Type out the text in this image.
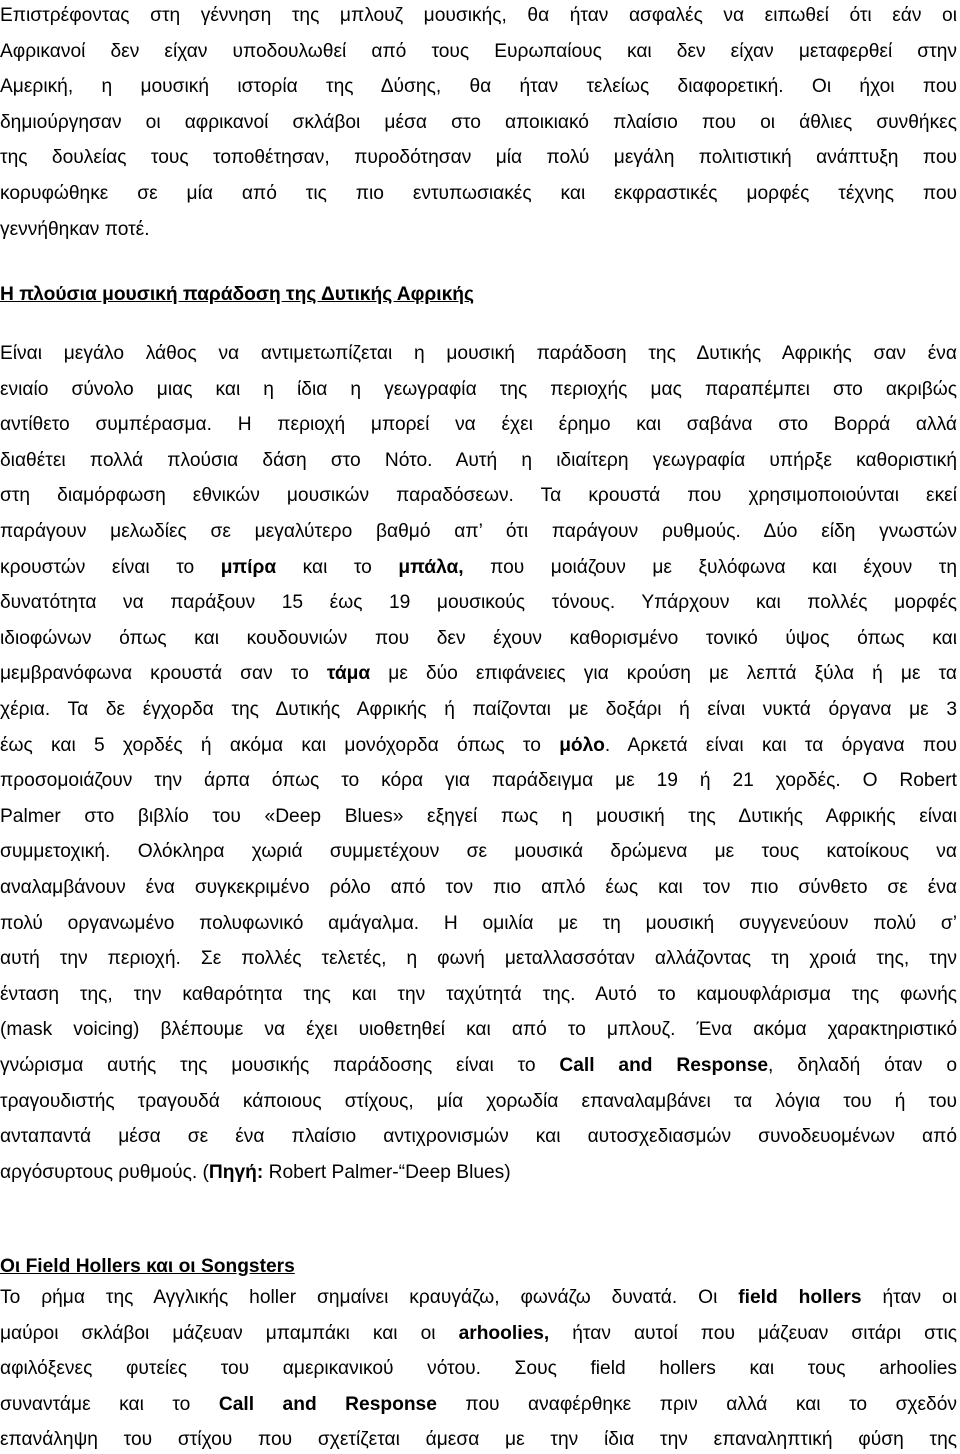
Επιστρέφοντας στη γέννηση της μπλουζ μουσικής, θα ήταν ασφαλές να ειπωθεί ότι εάν οι
Αφρικανοί δεν είχαν υποδουλωθεί από τους Ευρωπαίους και δεν είχαν μεταφερθεί στην
Αμερική, η μουσική ιστορία της Δύσης, θα ήταν τελείως διαφορετική. Οι ήχοι που
δημιούργησαν οι αφρικανοί σκλάβοι μέσα στο αποικιακό πλαίσιο που οι άθλιες συνθήκες
της δουλείας τους τοποθέτησαν, πυροδότησαν μία πολύ μεγάλη πολιτιστική ανάπτυξη που
κορυφώθηκε σε μία από τις πιο εντυπωσιακές και εκφραστικές μορφές τέχνης που
γεννήθηκαν ποτέ.
Η πλούσια μουσική παράδοση της Δυτικής Αφρικής
Είναι μεγάλο λάθος να αντιμετωπίζεται η μουσική παράδοση της Δυτικής Αφρικής σαν ένα
ενιαίο σύνολο μιας και η ίδια η γεωγραφία της περιοχής μας παραπέμπει στο ακριβώς
αντίθετο συμπέρασμα. Η περιοχή μπορεί να έχει έρημο και σαβάνα στο Βορρά αλλά
διαθέτει πολλά πλούσια δάση στο Νότο. Αυτή η ιδιαίτερη γεωγραφία υπήρξε καθοριστική
στη διαμόρφωση εθνικών μουσικών παραδόσεων. Τα κρουστά που χρησιμοποιούνται εκεί
παράγουν μελωδίες σε μεγαλύτερο βαθμό απ’ ότι παράγουν ρυθμούς. Δύο είδη γνωστών
κρουστών είναι το μπίρα και το μπάλα, που μοιάζουν με ξυλόφωνα και έχουν τη
δυνατότητα να παράξουν 15 έως 19 μουσικούς τόνους. Υπάρχουν και πολλές μορφές
ιδιοφώνων όπως και κουδουνιών που δεν έχουν καθορισμένο τονικό ύψος όπως και
μεμβρανόφωνα κρουστά σαν το τάμα με δύο επιφάνειες για κρούση με λεπτά ξύλα ή με τα
χέρια. Τα δε έγχορδα της Δυτικής Αφρικής ή παίζονται με δοξάρι ή είναι νυκτά όργανα με 3
έως και 5 χορδές ή ακόμα και μονόχορδα όπως το μόλο. Αρκετά είναι και τα όργανα που
προσομοιάζουν την άρπα όπως το κόρα για παράδειγμα με 19 ή 21 χορδές. Ο Robert
Palmer στο βιβλίο του «Deep Blues» εξηγεί πως η μουσική της Δυτικής Αφρικής είναι
συμμετοχική. Ολόκληρα χωριά συμμετέχουν σε μουσικά δρώμενα με τους κατοίκους να
αναλαμβάνουν ένα συγκεκριμένο ρόλο από τον πιο απλό έως και τον πιο σύνθετο σε ένα
πολύ οργανωμένο πολυφωνικό αμάγαλμα. Η ομιλία με τη μουσική συγγενεύουν πολύ σ’
αυτή την περιοχή. Σε πολλές τελετές, η φωνή μεταλλασσόταν αλλάζοντας τη χροιά της, την
ένταση της, την καθαρότητα της και την ταχύτητά της. Αυτό το καμουφλάρισμα της φωνής
(mask voicing) βλέπουμε να έχει υιοθετηθεί και από το μπλουζ. Ένα ακόμα χαρακτηριστικό
γνώρισμα αυτής της μουσικής παράδοσης είναι το Call and Response, δηλαδή όταν ο
τραγουδιστής τραγουδά κάποιους στίχους, μία χορωδία επαναλαμβάνει τα λόγια του ή του
ανταπαντά μέσα σε ένα πλαίσιο αντιχρονισμών και αυτοσχεδιασμών συνοδευομένων από
αργόσυρτους ρυθμούς. (Πηγή: Robert Palmer-“Deep Blues)
Οι Field Hollers και οι Songsters
Το ρήμα της Αγγλικής holler σημαίνει κραυγάζω, φωνάζω δυνατά. Οι field hollers ήταν οι
μαύροι σκλάβοι μάζευαν μπαμπάκι και οι arhoolies, ήταν αυτοί που μάζευαν σιτάρι στις
αφιλόξενες φυτείες του αμερικανικού νότου. Σους field hollers και τους arhoolies
συναντάμε και το Call and Response που αναφέρθηκε πριν αλλά και το σχεδόν
επανάληψη του στίχου που σχετίζεται άμεσα με την ίδια την επαναληπτική φύση της
